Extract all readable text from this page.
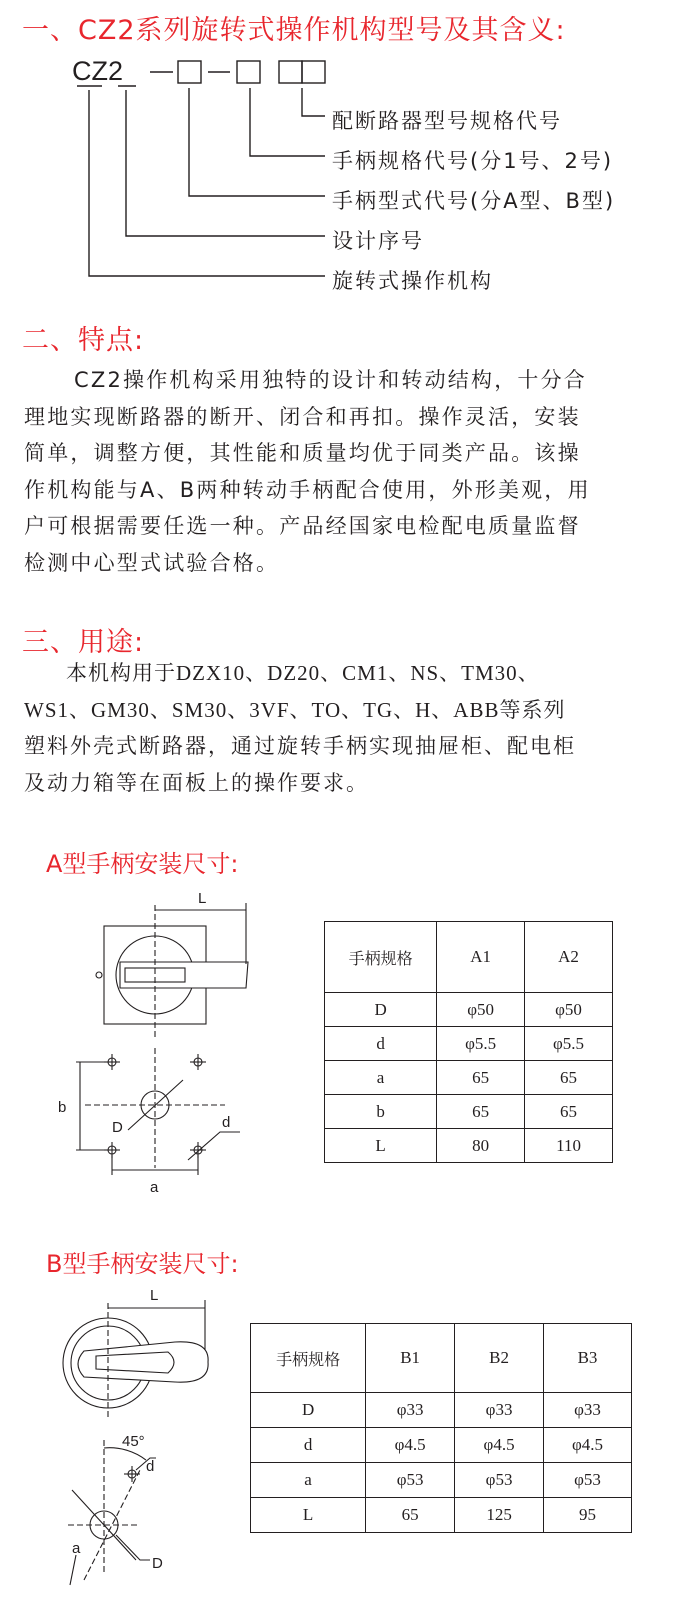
一、CZ2系列旋转式操作机构型号及其含义:
CZ2
配断路器型号规格代号
手柄规格代号(分1号、2号)
手柄型式代号(分A型、B型)
设计序号
旋转式操作机构
二、特点:
CZ2操作机构采用独特的设计和转动结构，十分合
理地实现断路器的断开、闭合和再扣。操作灵活，安装
简单，调整方便，其性能和质量均优于同类产品。该操
作机构能与A、B两种转动手柄配合使用，外形美观，用
户可根据需要任选一种。产品经国家电检配电质量监督
检测中心型式试验合格。
三、用途:
本机构用于DZX10、DZ20、CM1、NS、TM30、
WS1、GM30、SM30、3VF、TO、TG、H、ABB等系列
塑料外壳式断路器，通过旋转手柄实现抽屉柜、配电柜
及动力箱等在面板上的操作要求。
A型手柄安装尺寸:
L
b
D	d
a
手柄规格	A1	A2
D	φ50	φ50
d	φ5.5	φ5.5
a	65	65
b	65	65
L	80	110
B型手柄安装尺寸:
L
45°
d
a
D
手柄规格	B1	B2	B3
D	φ33	φ33	φ33
d	φ4.5	φ4.5	φ4.5
a	φ53	φ53	φ53
L	65	125	95
